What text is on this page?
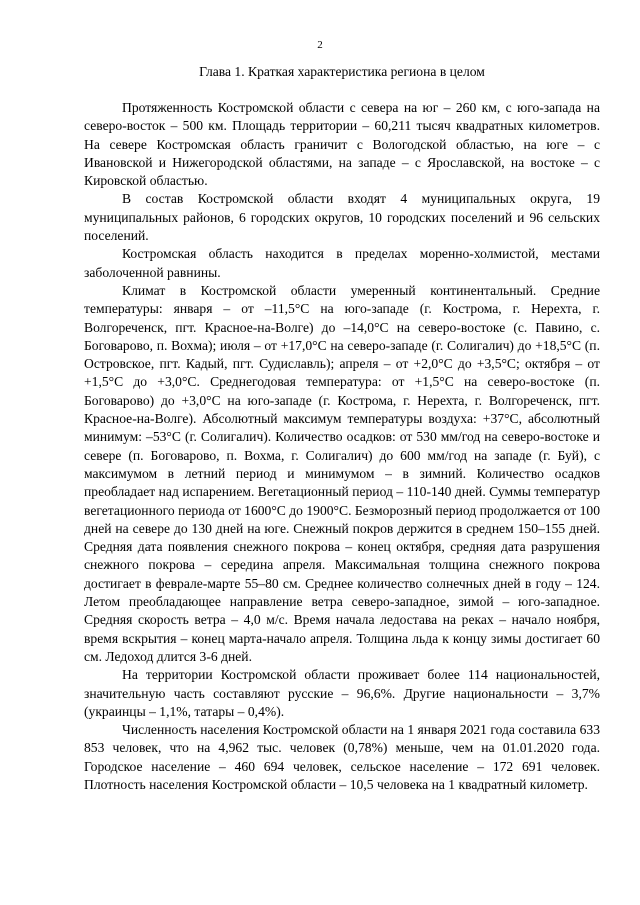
2
Глава 1. Краткая характеристика региона в целом

Протяженность Костромской области с севера на юг – 260 км, с юго-запада на северо-восток – 500 км. Площадь территории – 60,211 тысяч квадратных километров. На севере Костромская область граничит с Вологодской областью, на юге – с Ивановской и Нижегородской областями, на западе – с Ярославской, на востоке – с Кировской областью.

В состав Костромской области входят 4 муниципальных округа, 19 муниципальных районов, 6 городских округов, 10 городских поселений и 96 сельских поселений.

Костромская область находится в пределах моренно-холмистой, местами заболоченной равнины.

Климат в Костромской области умеренный континентальный. Средние температуры: января – от –11,5°С на юго-западе (г. Кострома, г. Нерехта, г. Волгореченск, пгт. Красное-на-Волге) до –14,0°С на северо-востоке (с. Павино, с. Боговарово, п. Вохма); июля – от +17,0°С на северо-западе (г. Солигалич) до +18,5°С (п. Островское, пгт. Кадый, пгт. Судиславль); апреля – от +2,0°С до +3,5°С; октября – от +1,5°С до +3,0°С. Среднегодовая температура: от +1,5°С на северо-востоке (п. Боговарово) до +3,0°С на юго-западе (г. Кострома, г. Нерехта, г. Волгореченск, пгт. Красное-на-Волге). Абсолютный максимум температуры воздуха: +37°С, абсолютный минимум: –53°С (г. Солигалич). Количество осадков: от 530 мм/год на северо-востоке и севере (п. Боговарово, п. Вохма, г. Солигалич) до 600 мм/год на западе (г. Буй), с максимумом в летний период и минимумом – в зимний. Количество осадков преобладает над испарением. Вегетационный период – 110-140 дней. Суммы температур вегетационного периода от 1600°С до 1900°С. Безморозный период продолжается от 100 дней на севере до 130 дней на юге. Снежный покров держится в среднем 150–155 дней. Средняя дата появления снежного покрова – конец октября, средняя дата разрушения снежного покрова – середина апреля. Максимальная толщина снежного покрова достигает в феврале-марте 55–80 см. Среднее количество солнечных дней в году – 124. Летом преобладающее направление ветра северо-западное, зимой – юго-западное. Средняя скорость ветра – 4,0 м/с. Время начала ледостава на реках – начало ноября, время вскрытия – конец марта-начало апреля. Толщина льда к концу зимы достигает 60 см. Ледоход длится 3-6 дней.

На территории Костромской области проживает более 114 национальностей, значительную часть составляют русские – 96,6%. Другие национальности – 3,7% (украинцы – 1,1%, татары – 0,4%).

Численность населения Костромской области на 1 января 2021 года составила 633 853 человек, что на 4,962 тыс. человек (0,78%) меньше, чем на 01.01.2020 года. Городское население – 460 694 человек, сельское население – 172 691 человек. Плотность населения Костромской области – 10,5 человека на 1 квадратный километр.
